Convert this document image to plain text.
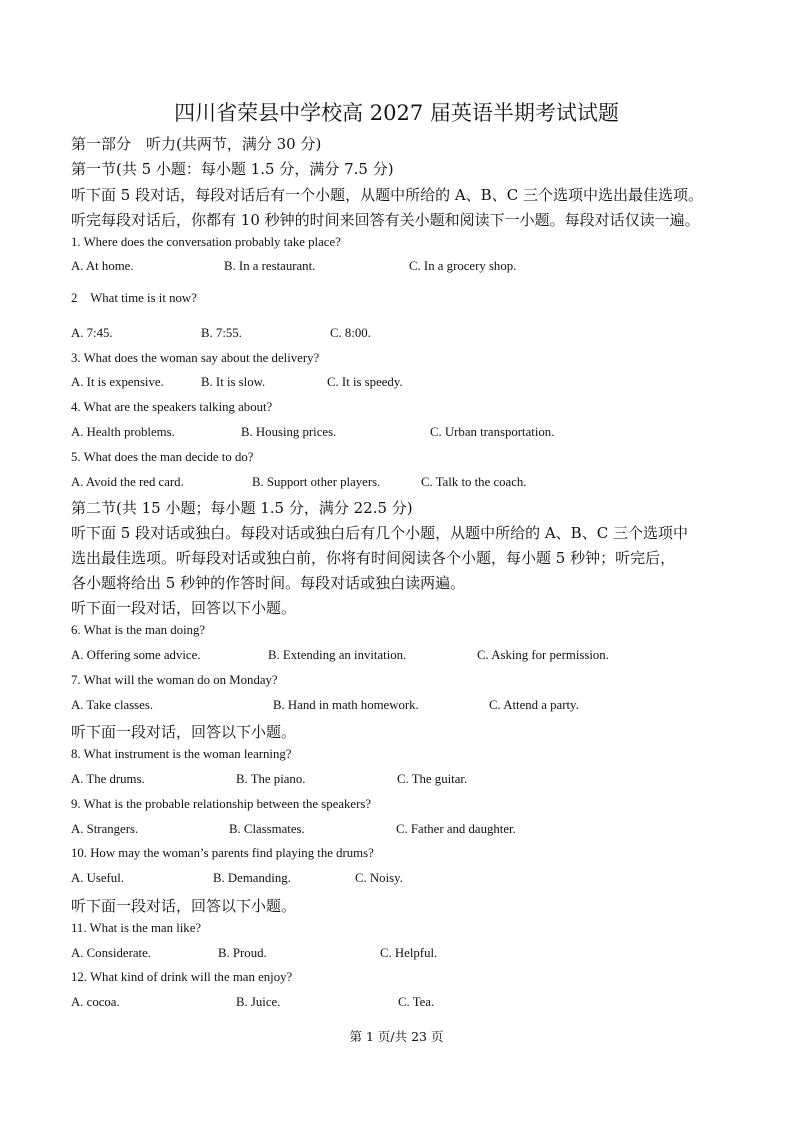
四川省荣县中学校高 2027 届英语半期考试试题
第一部分　听力(共两节，满分 30 分)
第一节(共 5 小题：每小题 1.5 分，满分 7.5 分)
听下面 5 段对话，每段对话后有一个小题，从题中所给的 A、B、C 三个选项中选出最佳选项。
听完每段对话后，你都有 10 秒钟的时间来回答有关小题和阅读下一小题。每段对话仅读一遍。
1. Where does the conversation probably take place?
A. At home.	B. In a restaurant.	C. In a grocery shop.
2　What time is it now?
A. 7:45.	B. 7:55.	C. 8:00.
3. What does the woman say about the delivery?
A. It is expensive.	B. It is slow.	C. It is speedy.
4. What are the speakers talking about?
A. Health problems.	B. Housing prices.	C. Urban transportation.
5. What does the man decide to do?
A. Avoid the red card.	B. Support other players.	C. Talk to the coach.
第二节(共 15 小题；每小题 1.5 分，满分 22.5 分)
听下面 5 段对话或独白。每段对话或独白后有几个小题，从题中所给的 A、B、C 三个选项中
选出最佳选项。听每段对话或独白前，你将有时间阅读各个小题，每小题 5 秒钟；听完后，
各小题将给出 5 秒钟的作答时间。每段对话或独白读两遍。
听下面一段对话，回答以下小题。
6. What is the man doing?
A. Offering some advice.	B. Extending an invitation.	C. Asking for permission.
7. What will the woman do on Monday?
A. Take classes.	B. Hand in math homework.	C. Attend a party.
听下面一段对话，回答以下小题。
8. What instrument is the woman learning?
A. The drums.	B. The piano.	C. The guitar.
9. What is the probable relationship between the speakers?
A. Strangers.	B. Classmates.	C. Father and daughter.
10. How may the woman’s parents find playing the drums?
A. Useful.	B. Demanding.	C. Noisy.
听下面一段对话，回答以下小题。
11. What is the man like?
A. Considerate.	B. Proud.	C. Helpful.
12. What kind of drink will the man enjoy?
A. cocoa.	B. Juice.	C. Tea.
第 1 页/共 23 页
